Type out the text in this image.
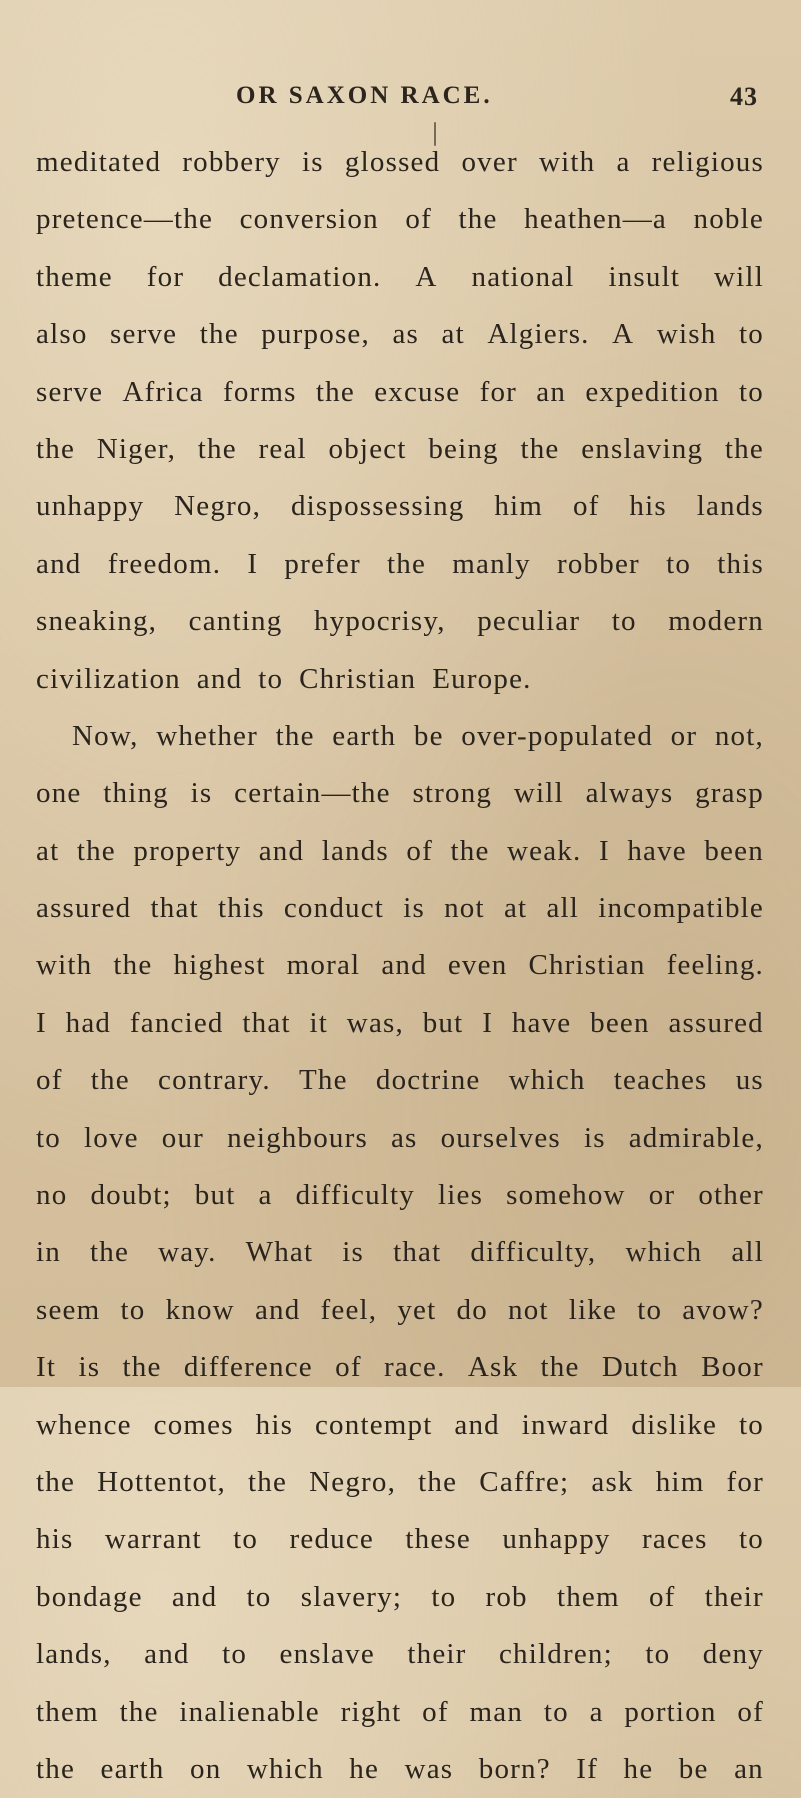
OR SAXON RACE.	43
meditated robbery is glossed over with a religious
pretence—the conversion of the heathen—a noble
theme for declamation. A national insult will
also serve the purpose, as at Algiers. A wish to
serve Africa forms the excuse for an expedition to
the Niger, the real object being the enslaving the
unhappy Negro, dispossessing him of his lands
and freedom. I prefer the manly robber to this
sneaking, canting hypocrisy, peculiar to modern
civilization and to Christian Europe.
Now, whether the earth be over-populated or not,
one thing is certain—the strong will always grasp
at the property and lands of the weak. I have been
assured that this conduct is not at all incompatible
with the highest moral and even Christian feeling.
I had fancied that it was, but I have been assured
of the contrary. The doctrine which teaches us
to love our neighbours as ourselves is admirable,
no doubt; but a difficulty lies somehow or other
in the way. What is that difficulty, which all
seem to know and feel, yet do not like to avow?
It is the difference of race. Ask the Dutch Boor
whence comes his contempt and inward dislike to
the Hottentot, the Negro, the Caffre; ask him for
his warrant to reduce these unhappy races to
bondage and to slavery; to rob them of their
lands, and to enslave their children; to deny
them the inalienable right of man to a portion of
the earth on which he was born? If he be an
